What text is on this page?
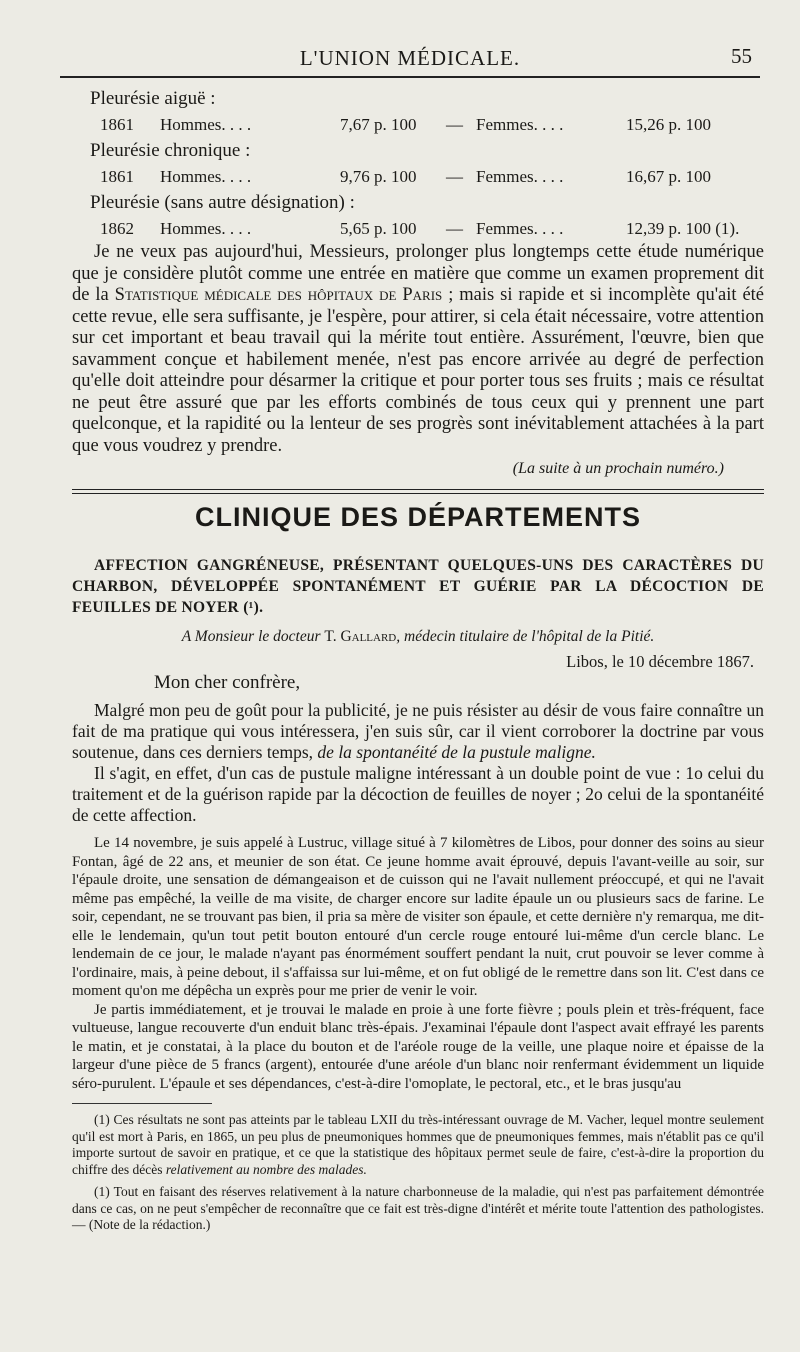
L'UNION MÉDICALE.	55
Pleurésie aiguë :
1861	Hommes. . . .	7,67 p. 100	— Femmes. . . .	15,26 p. 100
Pleurésie chronique :
1861	Hommes. . . .	9,76 p. 100	— Femmes. . . .	16,67 p. 100
Pleurésie (sans autre désignation) :
1862	Hommes. . . .	5,65 p. 100	— Femmes. . . .	12,39 p. 100 (1).

Je ne veux pas aujourd'hui, Messieurs, prolonger plus longtemps cette étude numérique que je considère plutôt comme une entrée en matière que comme un examen proprement dit de la Statistique médicale des hôpitaux de Paris ; mais si rapide et si incomplète qu'ait été cette revue, elle sera suffisante, je l'espère, pour attirer, si cela était nécessaire, votre attention sur cet important et beau travail qui la mérite tout entière. Assurément, l'œuvre, bien que savamment conçue et habilement menée, n'est pas encore arrivée au degré de perfection qu'elle doit atteindre pour désarmer la critique et pour porter tous ses fruits ; mais ce résultat ne peut être assuré que par les efforts combinés de tous ceux qui y prennent une part quelconque, et la rapidité ou la lenteur de ses progrès sont inévitablement attachées à la part que vous voudrez y prendre.

(La suite à un prochain numéro.)
CLINIQUE DES DÉPARTEMENTS

AFFECTION GANGRÉNEUSE, PRÉSENTANT QUELQUES-UNS DES CARACTÈRES DU CHARBON, DÉVELOPPÉE SPONTANÉMENT ET GUÉRIE PAR LA DÉCOCTION DE FEUILLES DE NOYER (¹).

A Monsieur le docteur T. Gallard, médecin titulaire de l'hôpital de la Pitié.
Libos, le 10 décembre 1867.
Mon cher confrère,

Malgré mon peu de goût pour la publicité, je ne puis résister au désir de vous faire connaître un fait de ma pratique qui vous intéressera, j'en suis sûr, car il vient corroborer la doctrine par vous soutenue, dans ces derniers temps, de la spontanéité de la pustule maligne.

Il s'agit, en effet, d'un cas de pustule maligne intéressant à un double point de vue : 1o celui du traitement et de la guérison rapide par la décoction de feuilles de noyer ; 2o celui de la spontanéité de cette affection.

Le 14 novembre, je suis appelé à Lustruc, village situé à 7 kilomètres de Libos, pour donner des soins au sieur Fontan, âgé de 22 ans, et meunier de son état. Ce jeune homme avait éprouvé, depuis l'avant-veille au soir, sur l'épaule droite, une sensation de démangeaison et de cuisson qui ne l'avait nullement préoccupé, et qui ne l'avait même pas empêché, la veille de ma visite, de charger encore sur ladite épaule un ou plusieurs sacs de farine. Le soir, cependant, ne se trouvant pas bien, il pria sa mère de visiter son épaule, et cette dernière n'y remarqua, me dit-elle le lendemain, qu'un tout petit bouton entouré d'un cercle rouge entouré lui-même d'un cercle blanc. Le lendemain de ce jour, le malade n'ayant pas énormément souffert pendant la nuit, crut pouvoir se lever comme à l'ordinaire, mais, à peine debout, il s'affaissa sur lui-même, et on fut obligé de le remettre dans son lit. C'est dans ce moment qu'on me dépêcha un exprès pour me prier de venir le voir.

Je partis immédiatement, et je trouvai le malade en proie à une forte fièvre ; pouls plein et très-fréquent, face vultueuse, langue recouverte d'un enduit blanc très-épais. J'examinai l'épaule dont l'aspect avait effrayé les parents le matin, et je constatai, à la place du bouton et de l'aréole rouge de la veille, une plaque noire et épaisse de la largeur d'une pièce de 5 francs (argent), entourée d'une aréole d'un blanc noir renfermant évidemment un liquide séro-purulent. L'épaule et ses dépendances, c'est-à-dire l'omoplate, le pectoral, etc., et le bras jusqu'au

(1) Ces résultats ne sont pas atteints par le tableau LXII du très-intéressant ouvrage de M. Vacher, lequel montre seulement qu'il est mort à Paris, en 1865, un peu plus de pneumoniques hommes que de pneumoniques femmes, mais n'établit pas ce qu'il importe surtout de savoir en pratique, et ce que la statistique des hôpitaux permet seule de faire, c'est-à-dire la proportion du chiffre des décès relativement au nombre des malades.

(1) Tout en faisant des réserves relativement à la nature charbonneuse de la maladie, qui n'est pas parfaitement démontrée dans ce cas, on ne peut s'empêcher de reconnaître que ce fait est très-digne d'intérêt et mérite toute l'attention des pathologistes. — (Note de la rédaction.)
